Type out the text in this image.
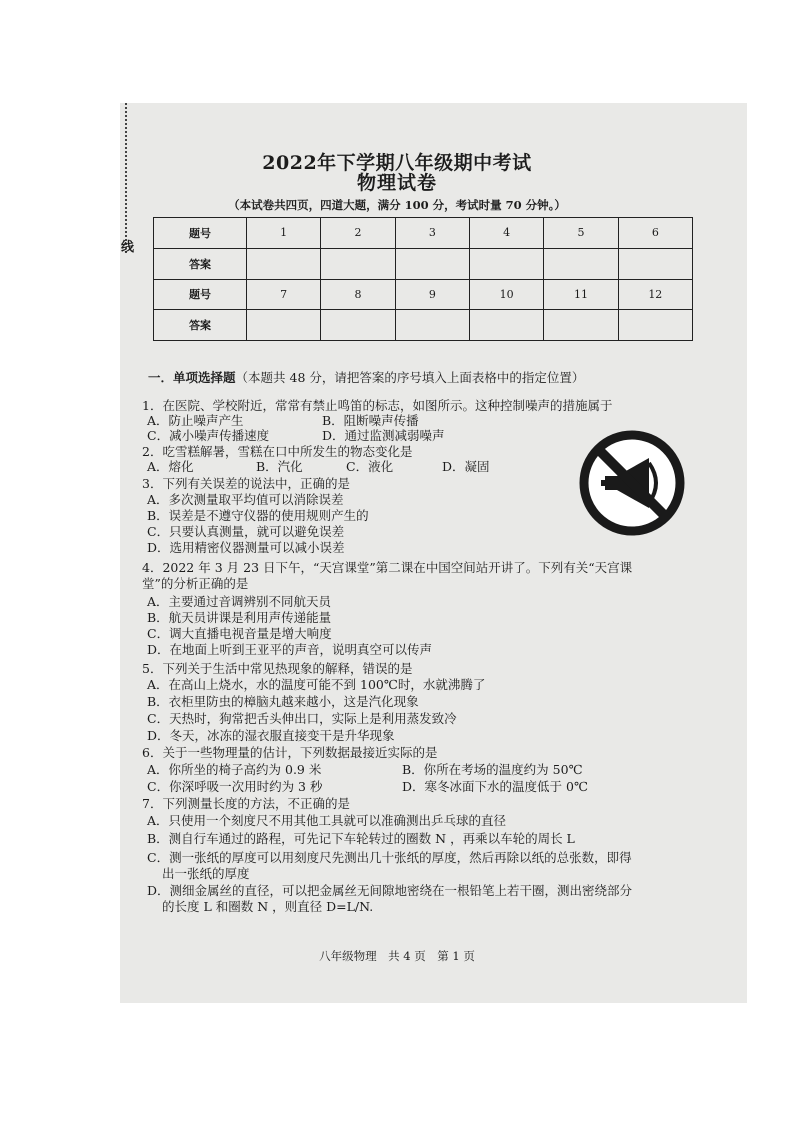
线
2022年下学期八年级期中考试
物理试卷
（本试卷共四页，四道大题，满分 100 分，考试时量 70 分钟。）
题号	1	2	3	4	5	6
答案						
题号	7	8	9	10	11	12
答案						
一．单项选择题（本题共 48 分，请把答案的序号填入上面表格中的指定位置）
1．在医院、学校附近，常常有禁止鸣笛的标志，如图所示。这种控制噪声的措施属于
A．防止噪声产生	B．阻断噪声传播
C．减小噪声传播速度	D．通过监测减弱噪声
2．吃雪糕解暑，雪糕在口中所发生的物态变化是
A．熔化	B．汽化	C．液化	D．凝固
3．下列有关误差的说法中，正确的是
A．多次测量取平均值可以消除误差
B．误差是不遵守仪器的使用规则产生的
C．只要认真测量，就可以避免误差
D．选用精密仪器测量可以减小误差
4．2022 年 3 月 23 日下午，“天宫课堂”第二课在中国空间站开讲了。下列有关“天宫课
堂”的分析正确的是
A．主要通过音调辨别不同航天员
B．航天员讲课是利用声传递能量
C．调大直播电视音量是增大响度
D．在地面上听到王亚平的声音，说明真空可以传声
5．下列关于生活中常见热现象的解释，错误的是
A．在高山上烧水，水的温度可能不到 100℃时，水就沸腾了
B．衣柜里防虫的樟脑丸越来越小，这是汽化现象
C．天热时，狗常把舌头伸出口，实际上是利用蒸发致冷
D．冬天，冰冻的湿衣服直接变干是升华现象
6．关于一些物理量的估计，下列数据最接近实际的是
A．你所坐的椅子高约为 0.9 米	B．你所在考场的温度约为 50℃
C．你深呼吸一次用时约为 3 秒	D．寒冬冰面下水的温度低于 0℃
7．下列测量长度的方法，不正确的是
A．只使用一个刻度尺不用其他工具就可以准确测出乒乓球的直径
B．测自行车通过的路程，可先记下车轮转过的圈数 N ，再乘以车轮的周长 L
C．测一张纸的厚度可以用刻度尺先测出几十张纸的厚度，然后再除以纸的总张数，即得
出一张纸的厚度
D．测细金属丝的直径，可以把金属丝无间隙地密绕在一根铅笔上若干圈，测出密绕部分
的长度 L 和圈数 N ，则直径 D=L/N.
八年级物理　共 4 页　第 1 页
